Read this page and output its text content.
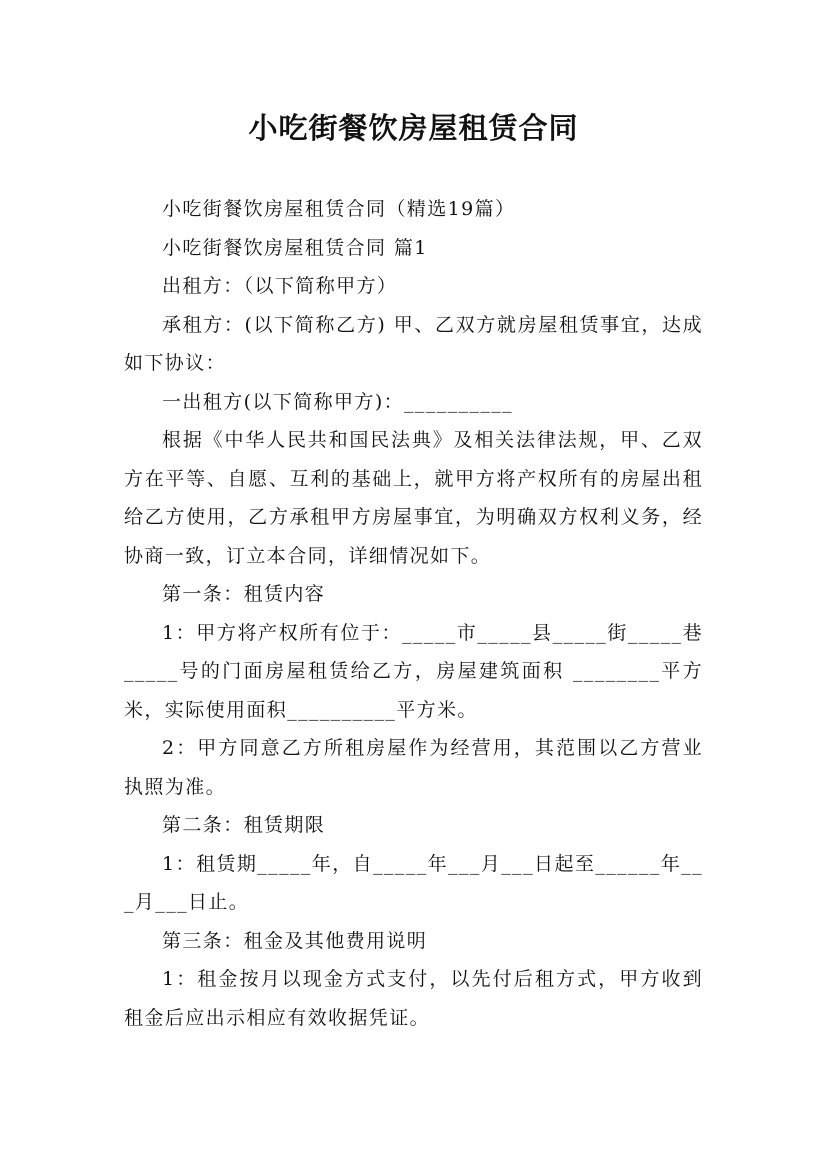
小吃街餐饮房屋租赁合同

小吃街餐饮房屋租赁合同（精选19篇）

小吃街餐饮房屋租赁合同 篇1

出租方：（以下简称甲方）

承租方：(以下简称乙方) 甲、乙双方就房屋租赁事宜，达成如下协议：

一出租方(以下简称甲方)：__________

根据《中华人民共和国民法典》及相关法律法规，甲、乙双方在平等、自愿、互利的基础上，就甲方将产权所有的房屋出租给乙方使用，乙方承租甲方房屋事宜，为明确双方权利义务，经协商一致，订立本合同，详细情况如下。

第一条：租赁内容

1：甲方将产权所有位于：_____市_____县_____街_____巷_____号的门面房屋租赁给乙方，房屋建筑面积 ________平方米，实际使用面积__________平方米。

2：甲方同意乙方所租房屋作为经营用，其范围以乙方营业执照为准。

第二条：租赁期限

1：租赁期_____年，自_____年___月___日起至______年___月___日止。

第三条：租金及其他费用说明

1：租金按月以现金方式支付，以先付后租方式，甲方收到租金后应出示相应有效收据凭证。
